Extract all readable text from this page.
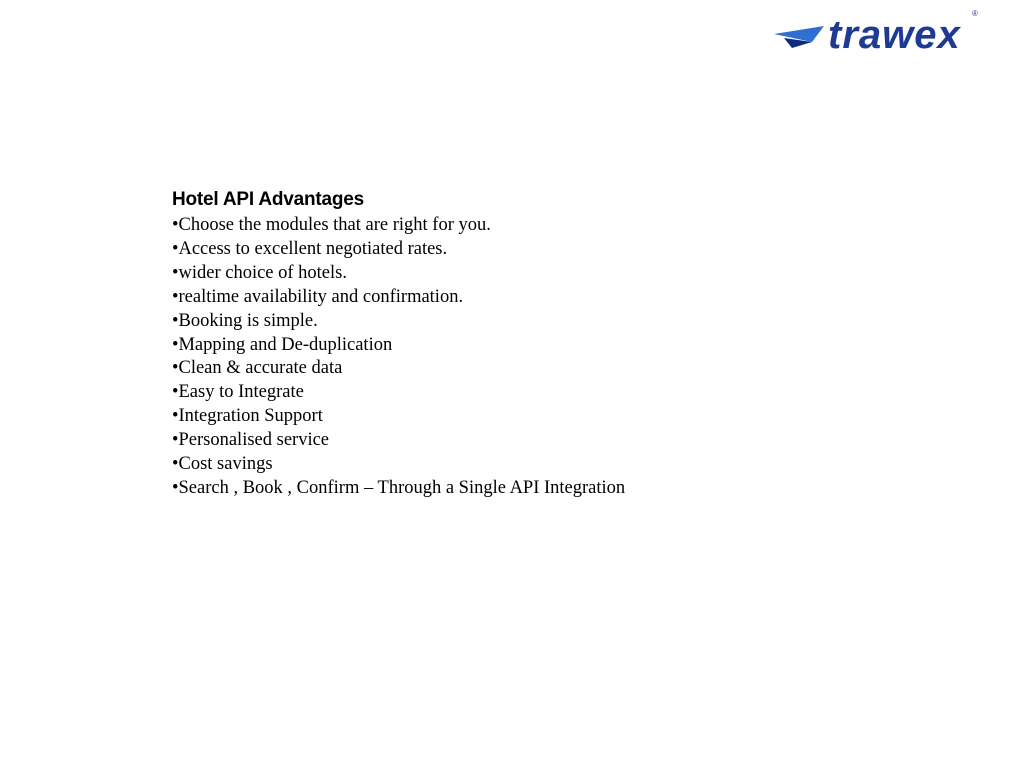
trawex ®
Hotel API Advantages
•Choose the modules that are right for you.
•Access to excellent negotiated rates.
•wider choice of hotels.
•realtime availability and confirmation.
•Booking is simple.
•Mapping and De-duplication
•Clean & accurate data
•Easy to Integrate
•Integration Support
•Personalised service
•Cost savings
•Search , Book , Confirm – Through a Single API Integration
